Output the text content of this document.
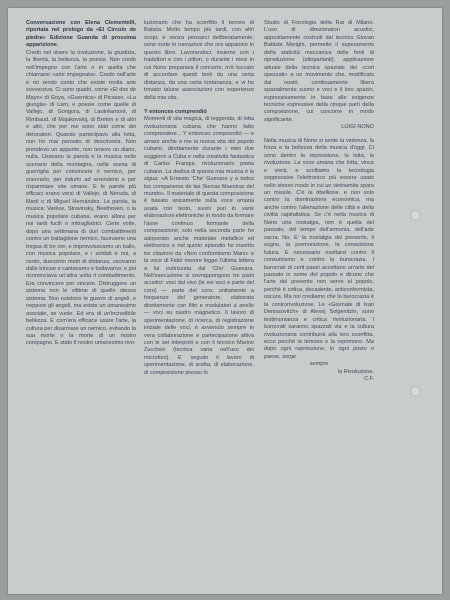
Conversazione con Elena Clementelli, riportata nel prologo da «El Circulo de piedra» Edizione Guanda di prossima apparizione.

Credo nel vivere la rivoluzione, la giustizia, la libertà, la bellezza, la poesia. Non credo nell'impegno con l'arte o in quella che chiamano «arte impegnata». Credo nell'arte e mi rendo conto che esiste molta arte sovversiva. Ci sono quadri, come «El dos de Mayo» di Goya, «Guernica» di Picasso, «La giungla» di Lam, e poesie come quelle di Vallejo, di Gongora, di Lautréamont, di Rimbaud, di Majakovskij, di Breton e di altri e altri, che per me sono stati come dei detonatori. Quando partecipavo alla lotta, non ho mai pensato di descriverla. Non prendevo un appunto, non tenevo un diario, nulla. Usavano la parola e la musica nello scenario della montagna, nella scena di guerriglia per convincere il nemico, per snervarlo, per indurlo ad arrendersi e per risparmiare vite umane. E le parole più efficaci erano versi di Vallejo, di Neruda, di Martí o di Miguel Hernández. La parola, la musica: Varèse, Stravinsky, Beethoven, o la musica popolare cubana, erano allora per noi tanti fucili o mitragliatrici. Certe volte, dopo una settimana di duri combattimenti contro un battaglione nemico, facevamo una tregua di tre ore, e improvvisavamo un ballo, con musica popolare, e i soldati e noi, a cento, duecento metri di distanza, uscivamo dalle trincee e cantavamo e ballavamo; e poi ricominciava un'altra volta il combattimento. Era convincere per vincere. Distruggere un sistema non le vittime di quello stesso sistema. Non esistono le guerre di angeli, e neppure gli angeli, ma esiste un umanesimo asociale, se vuole. Ed era di un'incredibile bellezza. E com'era efficace usare l'arte, la cultura per disarmare un nemico, evitando la sua morte o la morte di un nostro compagno. E stato il nostro umanesimo rivo-

luzionario che ha sconfitto il terrore di Batista. Molto tempo più tardi, con altri scopi, e senza pensarci deliberatamente, sono sorte le narrazioni che ora appaiono in questo libro. Lavorandoci, insieme con i traduttori e con i pittori, o durante i mesi in cui Nono preparava il concerto, m'è toccato di accordare questi testi da una certa distanza, da una certa lontananza, e vi ho trovato talune associazioni con esperienze della mia vita.

Y entonces comprendió

Momenti di vita magica, di leggenda, di lotta rivoluzionaria cubana che hanno fatto comprendere... Y entonces comprendió — e amare anche a me la nuova vita del popolo cubano, direttamente durante i miei due soggiorni a Cuba e nella creatività fantastica di Carlos Franqui, rivoluzionario poeta cubano. La dedica di questa mia musica è la sigua: «A Ernesto 'Che' Guevara y a todos los companeros de las Sierras Maestras del mundo». Il materiale di questa composizione è basato unicamente sulla voce umana usata con testo, suoni puri in varie elaborazioni elettroniche in modo da formare l'asse continuo formante della composizione; solo nella seconda parte ho adoperato anche materiale metallico ed elettronico e nel quinto episodio ho inserito tre citazioni da «Non conformismo Marx» e la voce di Fidel mentre legge l'ultima lettera a lui indirizzata dal 'Che' Guevara. Nell'esecuzione si sovrappongono tre piani acustici: voci dal vivo (le sei voci e parte del coro) — parte del coro, unitamente a frequenze del generatore, elaborata direttamente con filtri e modulatori a anello — voci su nastro magnetico. Il lavoro di sperimentazione, di ricerca, di registrazione iniziale delle voci, è avvenuto sempre in vera collaborazione e partecipazione attiva con le sei interpreti e con il tecnico Marino Zuccheri (tecnica varia nell'uso dei microfoni). E' seguito il lavoro di sperimentazione, di scelta, di elaborazione, di composizione presso lo

Studio di Fonologia della Rai di Milano. L'uso di direzionatori acustici, appositamente costruiti dal tecnico Giovan Battista Merighi, permette il superamento della staticità meccanica delle fonti di riproduzione (altoparlanti), applicazione attuale della tecnica spaziale dei «cori spezzati» a un movimento che, modificato dai nostri, continuamente libera spazialmente suono e voci e il loro spazio, espressivamente in base alle esigenze tecniche espressive della cinque parti della composizione, cui concorre in modo significante.

LUIGI NONO

Nella musica di Nono si sente la violenza, la forza e la bellezza della musica d'oggi. Ci sono dentro la repressione, la lotta, la rivoluzione. La voce umana che lotta, vince e vivrà, e scoltiamo la tecnologia soppressive l'elettronico più essere usato nello stesso modo in cui un vietnamita spara un missile. C'è la ribellione, e non solo contro la dominazione economica, ma anche contro l'alienazione delle città e della civiltà capitalistica. Se c'è nella musica di Nono una nostalgia, non è quella del passato, del tempo dell'armonia, dell'arte sacra. No. E' la nostalgia del presente, il sogno, la premonizione, la convulsione futura. E necessario rivoltarsi contro il consumismo e contro la burocrazia. I burocrati di certi paesi accettano un'arte del passato in nome del popolo e dicono che l'arte del presente non serve al popolo, perchè è critica, decadente, anticonformista, oscura. Ma noi crediamo che la burocrazia è la controrivoluzione. Le «Giornate di Ivan Denissovitch» di Alexej Solgenitzin, sono testimonianza e critica rivoluzionaria. I burocrati saranno spazzati via e la cultura rivoluzionaria contribuirà alla loro sconfitta, ecco perché la temono e la reprimono. Ma dopo ogni repressione, in ogni posto o paese, sorge

sempre

la Rivoluzione.

C.F.
